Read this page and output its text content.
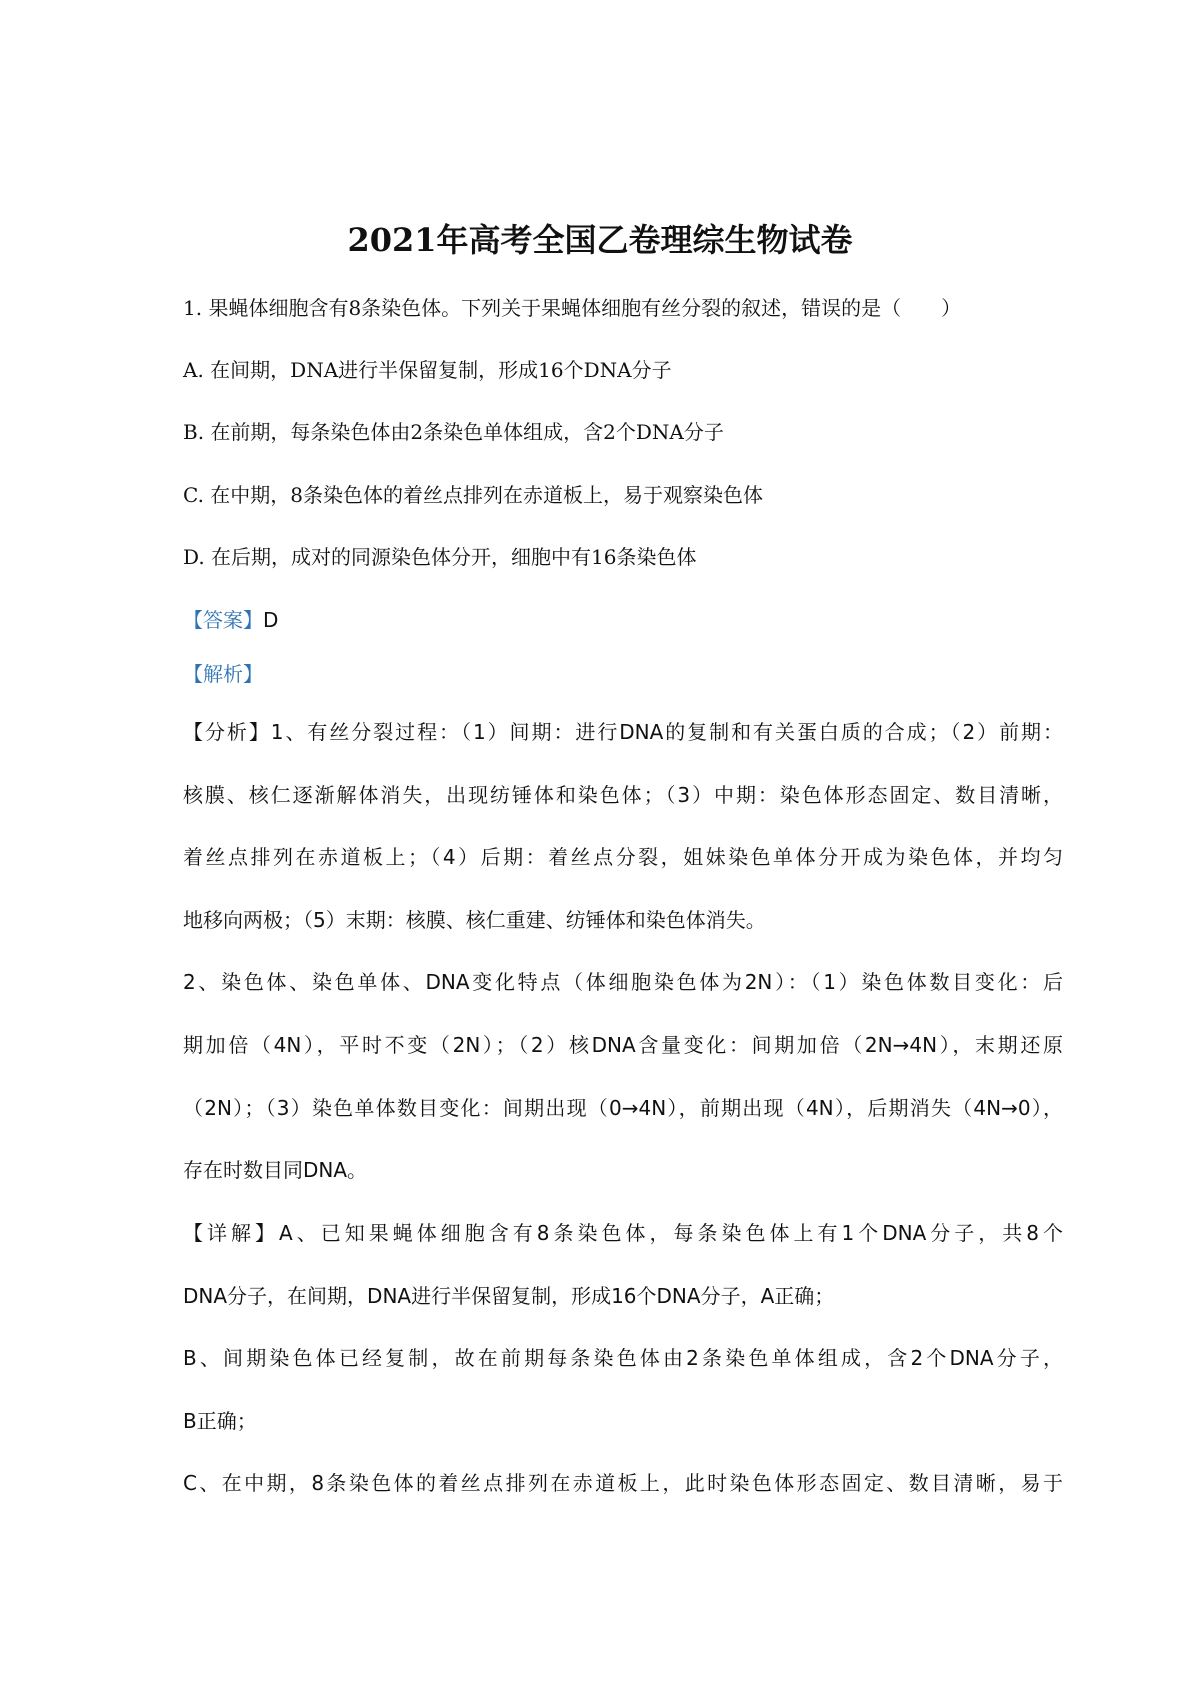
2021年高考全国乙卷理综生物试卷
1. 果蝇体细胞含有8条染色体。下列关于果蝇体细胞有丝分裂的叙述，错误的是（　　）
A. 在间期，DNA进行半保留复制，形成16个DNA分子
B. 在前期，每条染色体由2条染色单体组成，含2个DNA分子
C. 在中期，8条染色体的着丝点排列在赤道板上，易于观察染色体
D. 在后期，成对的同源染色体分开，细胞中有16条染色体
【答案】D
【解析】
【分析】1、有丝分裂过程：（1）间期：进行DNA的复制和有关蛋白质的合成；（2）前期：
核膜、核仁逐渐解体消失，出现纺锤体和染色体；（3）中期：染色体形态固定、数目清晰，
着丝点排列在赤道板上；（4）后期：着丝点分裂，姐妹染色单体分开成为染色体，并均匀
地移向两极；（5）末期：核膜、核仁重建、纺锤体和染色体消失。
2、染色体、染色单体、DNA变化特点（体细胞染色体为2N）：（1）染色体数目变化：后
期加倍（4N），平时不变（2N）；（2）核DNA含量变化：间期加倍（2N→4N），末期还原
（2N）；（3）染色单体数目变化：间期出现（0→4N），前期出现（4N），后期消失（4N→0），
存在时数目同DNA。
【详解】A、已知果蝇体细胞含有8条染色体，每条染色体上有1个DNA分子，共8个
DNA分子，在间期，DNA进行半保留复制，形成16个DNA分子，A正确；
B、间期染色体已经复制，故在前期每条染色体由2条染色单体组成，含2个DNA分子，
B正确；
C、在中期，8条染色体的着丝点排列在赤道板上，此时染色体形态固定、数目清晰，易于
